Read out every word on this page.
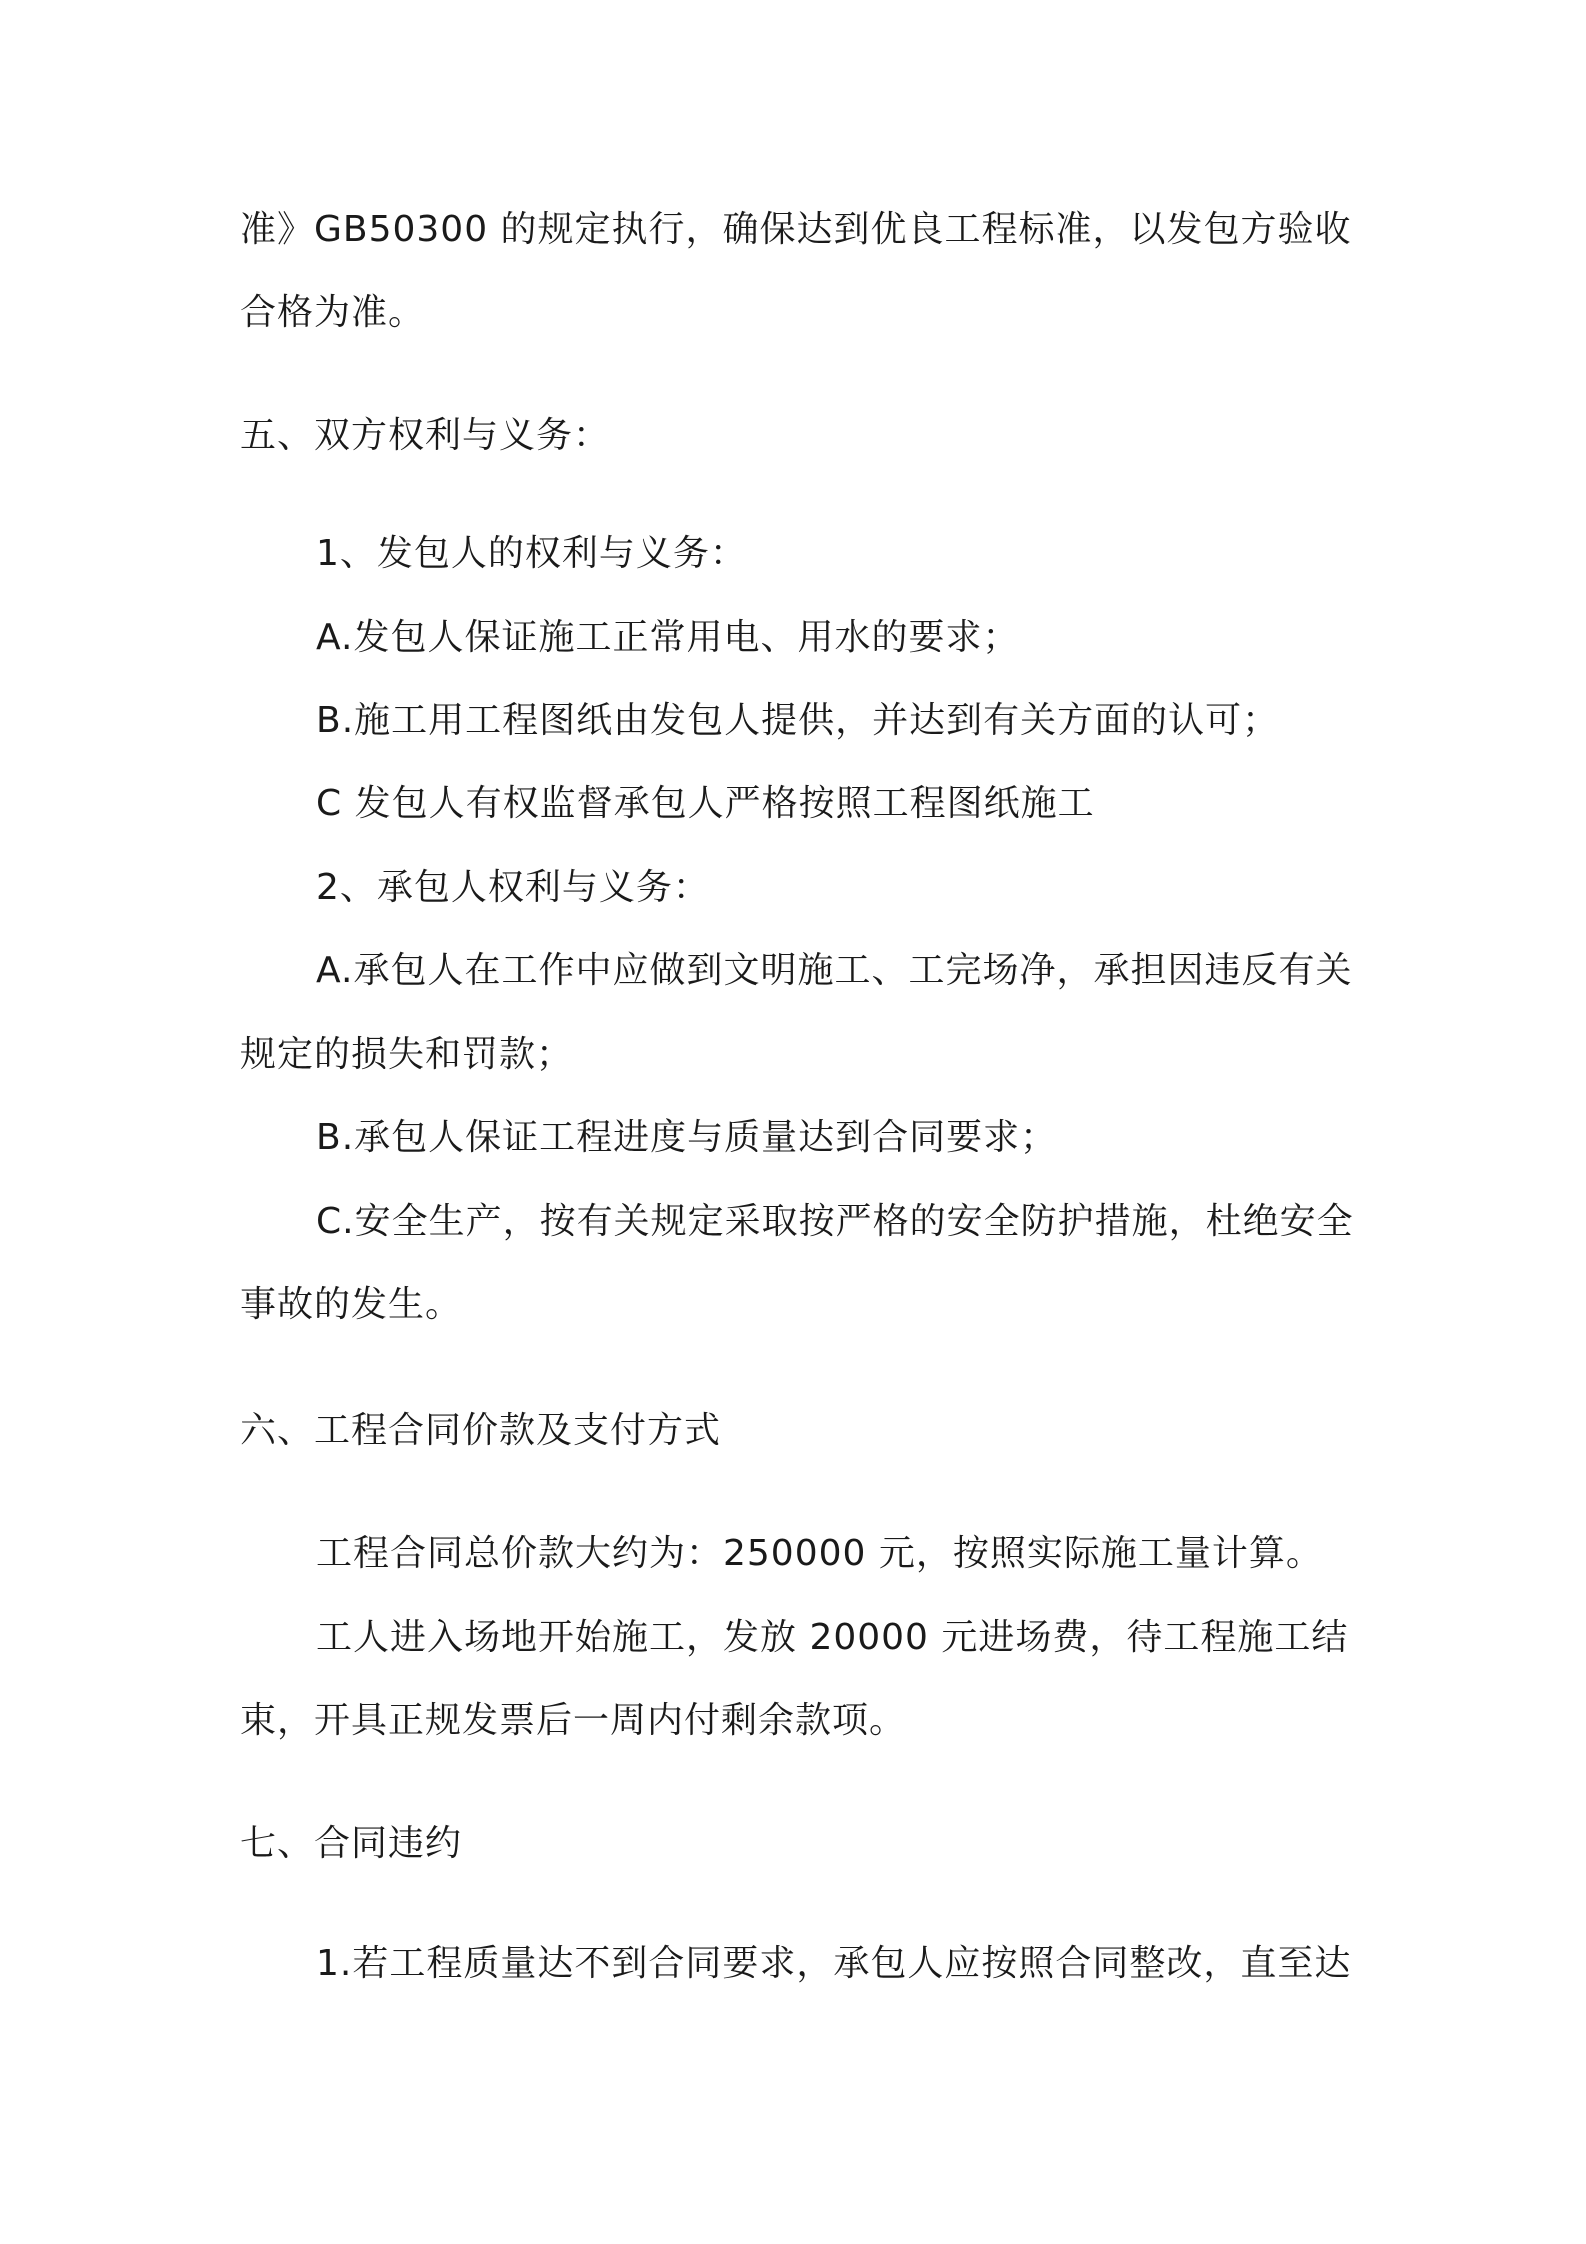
准》GB50300 的规定执行，确保达到优良工程标准，以发包方验收
合格为准。
五、双方权利与义务：
1、发包人的权利与义务：
A.发包人保证施工正常用电、用水的要求；
B.施工用工程图纸由发包人提供，并达到有关方面的认可；
C 发包人有权监督承包人严格按照工程图纸施工
2、承包人权利与义务：
A.承包人在工作中应做到文明施工、工完场净，承担因违反有关
规定的损失和罚款；
B.承包人保证工程进度与质量达到合同要求；
C.安全生产，按有关规定采取按严格的安全防护措施，杜绝安全
事故的发生。
六、工程合同价款及支付方式
工程合同总价款大约为：250000 元，按照实际施工量计算。
工人进入场地开始施工，发放 20000 元进场费，待工程施工结
束，开具正规发票后一周内付剩余款项。
七、合同违约
1.若工程质量达不到合同要求，承包人应按照合同整改，直至达
